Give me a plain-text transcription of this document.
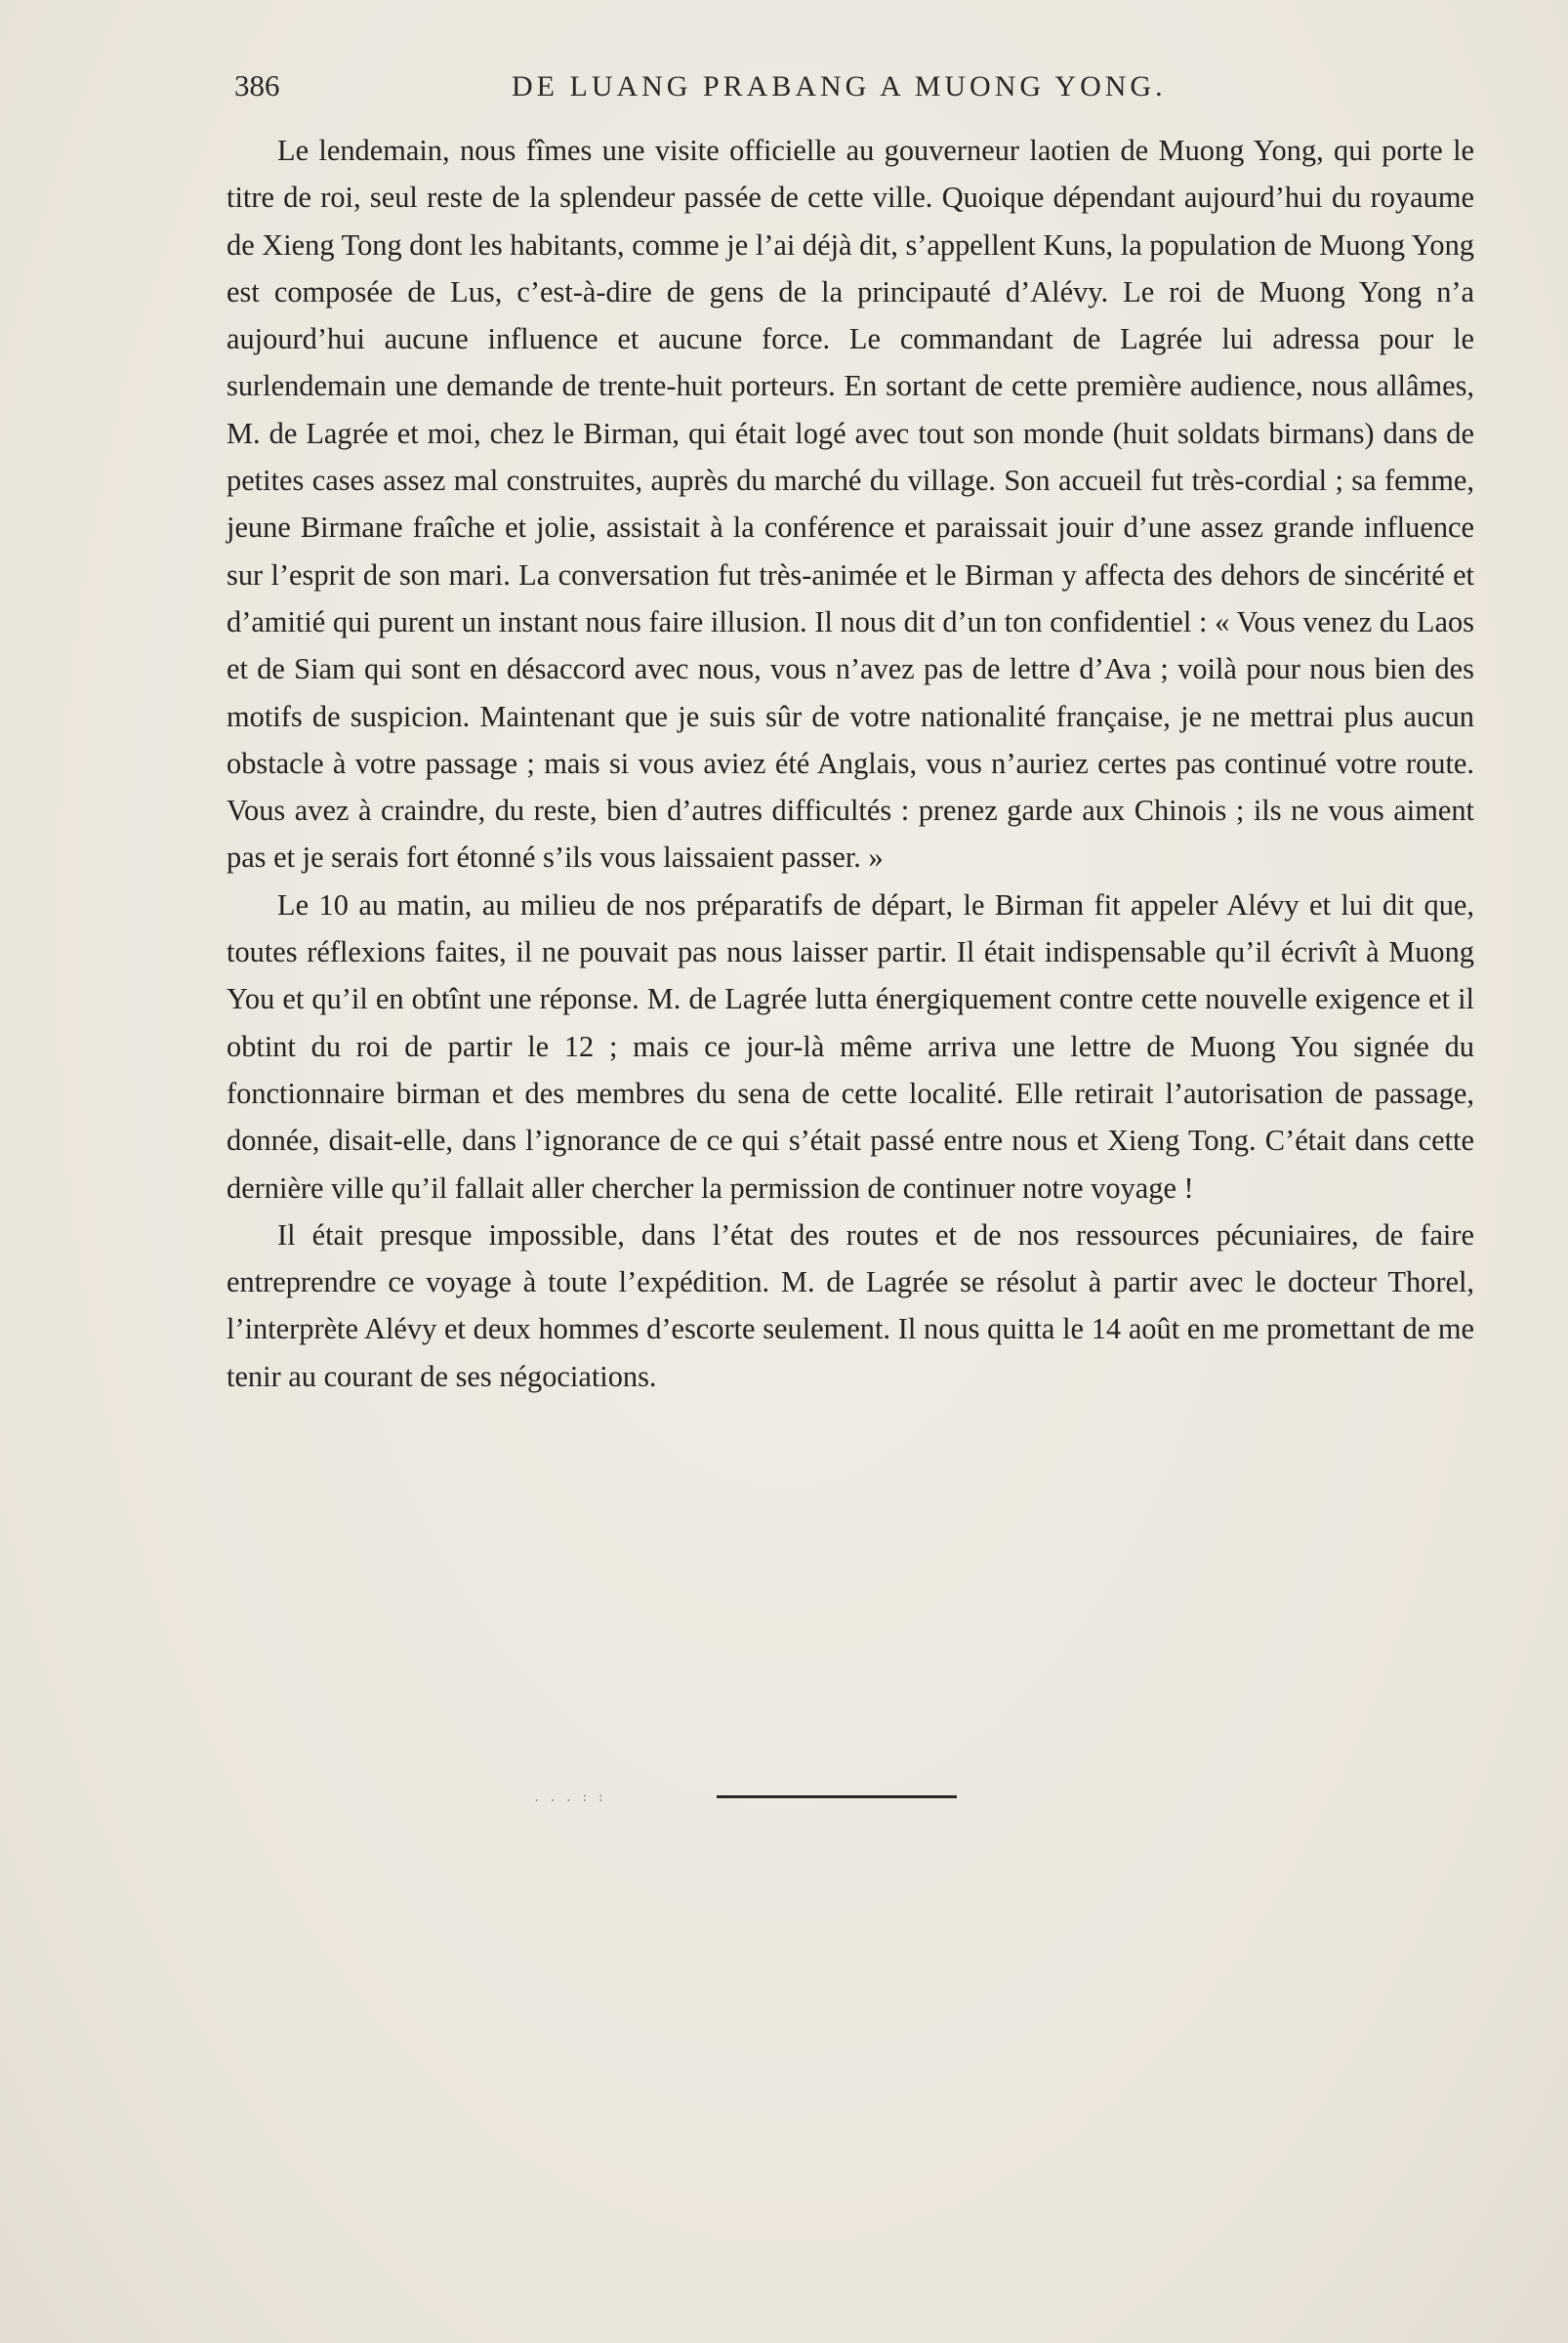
386	DE LUANG PRABANG A MUONG YONG.

Le lendemain, nous fîmes une visite officielle au gouverneur laotien de Muong Yong, qui porte le titre de roi, seul reste de la splendeur passée de cette ville. Quoique dépendant aujourd’hui du royaume de Xieng Tong dont les habitants, comme je l’ai déjà dit, s’appellent Kuns, la population de Muong Yong est composée de Lus, c’est-à-dire de gens de la principauté d’Alévy. Le roi de Muong Yong n’a aujourd’hui aucune influence et aucune force. Le commandant de Lagrée lui adressa pour le surlendemain une demande de trente-huit porteurs. En sortant de cette première audience, nous allâmes, M. de Lagrée et moi, chez le Birman, qui était logé avec tout son monde (huit soldats birmans) dans de petites cases assez mal construites, auprès du marché du village. Son accueil fut très-cordial ; sa femme, jeune Birmane fraîche et jolie, assistait à la conférence et paraissait jouir d’une assez grande influence sur l’esprit de son mari. La conversation fut très-animée et le Birman y affecta des dehors de sincérité et d’amitié qui purent un instant nous faire illusion. Il nous dit d’un ton confidentiel : « Vous venez du Laos et de Siam qui sont en désaccord avec nous, vous n’avez pas de lettre d’Ava ; voilà pour nous bien des motifs de suspicion. Maintenant que je suis sûr de votre nationalité française, je ne mettrai plus aucun obstacle à votre passage ; mais si vous aviez été Anglais, vous n’auriez certes pas continué votre route. Vous avez à craindre, du reste, bien d’autres difficultés : prenez garde aux Chinois ; ils ne vous aiment pas et je serais fort étonné s’ils vous laissaient passer. »

Le 10 au matin, au milieu de nos préparatifs de départ, le Birman fit appeler Alévy et lui dit que, toutes réflexions faites, il ne pouvait pas nous laisser partir. Il était indispensable qu’il écrivît à Muong You et qu’il en obtînt une réponse. M. de Lagrée lutta énergiquement contre cette nouvelle exigence et il obtint du roi de partir le 12 ; mais ce jour-là même arriva une lettre de Muong You signée du fonctionnaire birman et des membres du sena de cette localité. Elle retirait l’autorisation de passage, donnée, disait-elle, dans l’ignorance de ce qui s’était passé entre nous et Xieng Tong. C’était dans cette dernière ville qu’il fallait aller chercher la permission de continuer notre voyage !

Il était presque impossible, dans l’état des routes et de nos ressources pécuniaires, de faire entreprendre ce voyage à toute l’expédition. M. de Lagrée se résolut à partir avec le docteur Thorel, l’interprète Alévy et deux hommes d’escorte seulement. Il nous quitta le 14 août en me promettant de me tenir au courant de ses négociations.

. . . : :
